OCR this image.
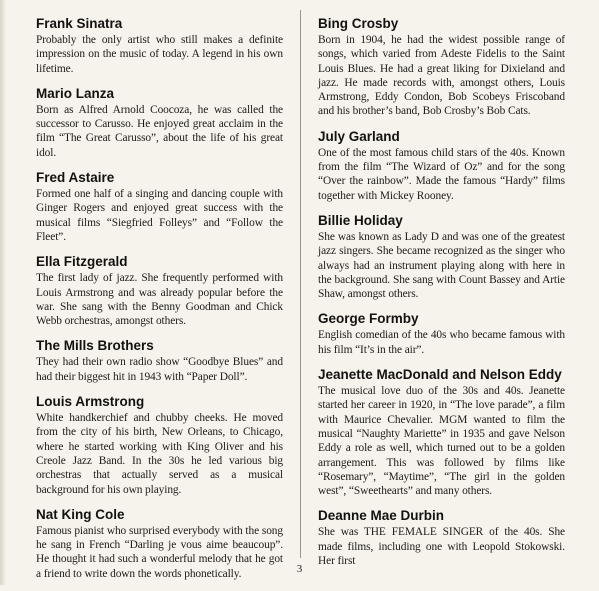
Frank Sinatra

Probably the only artist who still makes a definite impression on the music of today. A legend in his own lifetime.

Mario Lanza

Born as Alfred Arnold Coocoza, he was called the successor to Carusso. He enjoyed great acclaim in the film “The Great Carusso”, about the life of his great idol.

Fred Astaire

Formed one half of a singing and dancing couple with Ginger Rogers and enjoyed great success with the musical films “Siegfried Folleys” and “Follow the Fleet”.

Ella Fitzgerald

The first lady of jazz. She frequently performed with Louis Armstrong and was already popular before the war. She sang with the Benny Goodman and Chick Webb orchestras, amongst others.

The Mills Brothers

They had their own radio show “Goodbye Blues” and had their biggest hit in 1943 with “Paper Doll”.

Louis Armstrong

White handkerchief and chubby cheeks. He moved from the city of his birth, New Orleans, to Chicago, where he started working with King Oliver and his Creole Jazz Band. In the 30s he led various big orchestras that actually served as a musical background for his own playing.

Nat King Cole

Famous pianist who surprised everybody with the song he sang in French “Darling je vous aime beaucoup”. He thought it had such a wonderful melody that he got a friend to write down the words phonetically.

Bing Crosby

Born in 1904, he had the widest possible range of songs, which varied from Adeste Fidelis to the Saint Louis Blues. He had a great liking for Dixieland and jazz. He made records with, amongst others, Louis Armstrong, Eddy Condon, Bob Scobeys Friscoband and his brother’s band, Bob Crosby’s Bob Cats.

July Garland

One of the most famous child stars of the 40s. Known from the film “The Wizard of Oz” and for the song “Over the rainbow”. Made the famous “Hardy” films together with Mickey Rooney.

Billie Holiday

She was known as Lady D and was one of the greatest jazz singers. She became recognized as the singer who always had an instrument playing along with here in the background. She sang with Count Bassey and Artie Shaw, amongst others.

George Formby

English comedian of the 40s who became famous with his film “It’s in the air”.

Jeanette MacDonald and Nelson Eddy

The musical love duo of the 30s and 40s. Jeanette started her career in 1920, in “The love parade”, a film with Maurice Chevalier. MGM wanted to film the musical “Naughty Mariette” in 1935 and gave Nelson Eddy a role as well, which turned out to be a golden arrangement. This was followed by films like “Rosemary”, “Maytime”, “The girl in the golden west”, “Sweethearts” and many others.

Deanne Mae Durbin

She was THE FEMALE SINGER of the 40s. She made films, including one with Leopold Stokowski. Her first

3
